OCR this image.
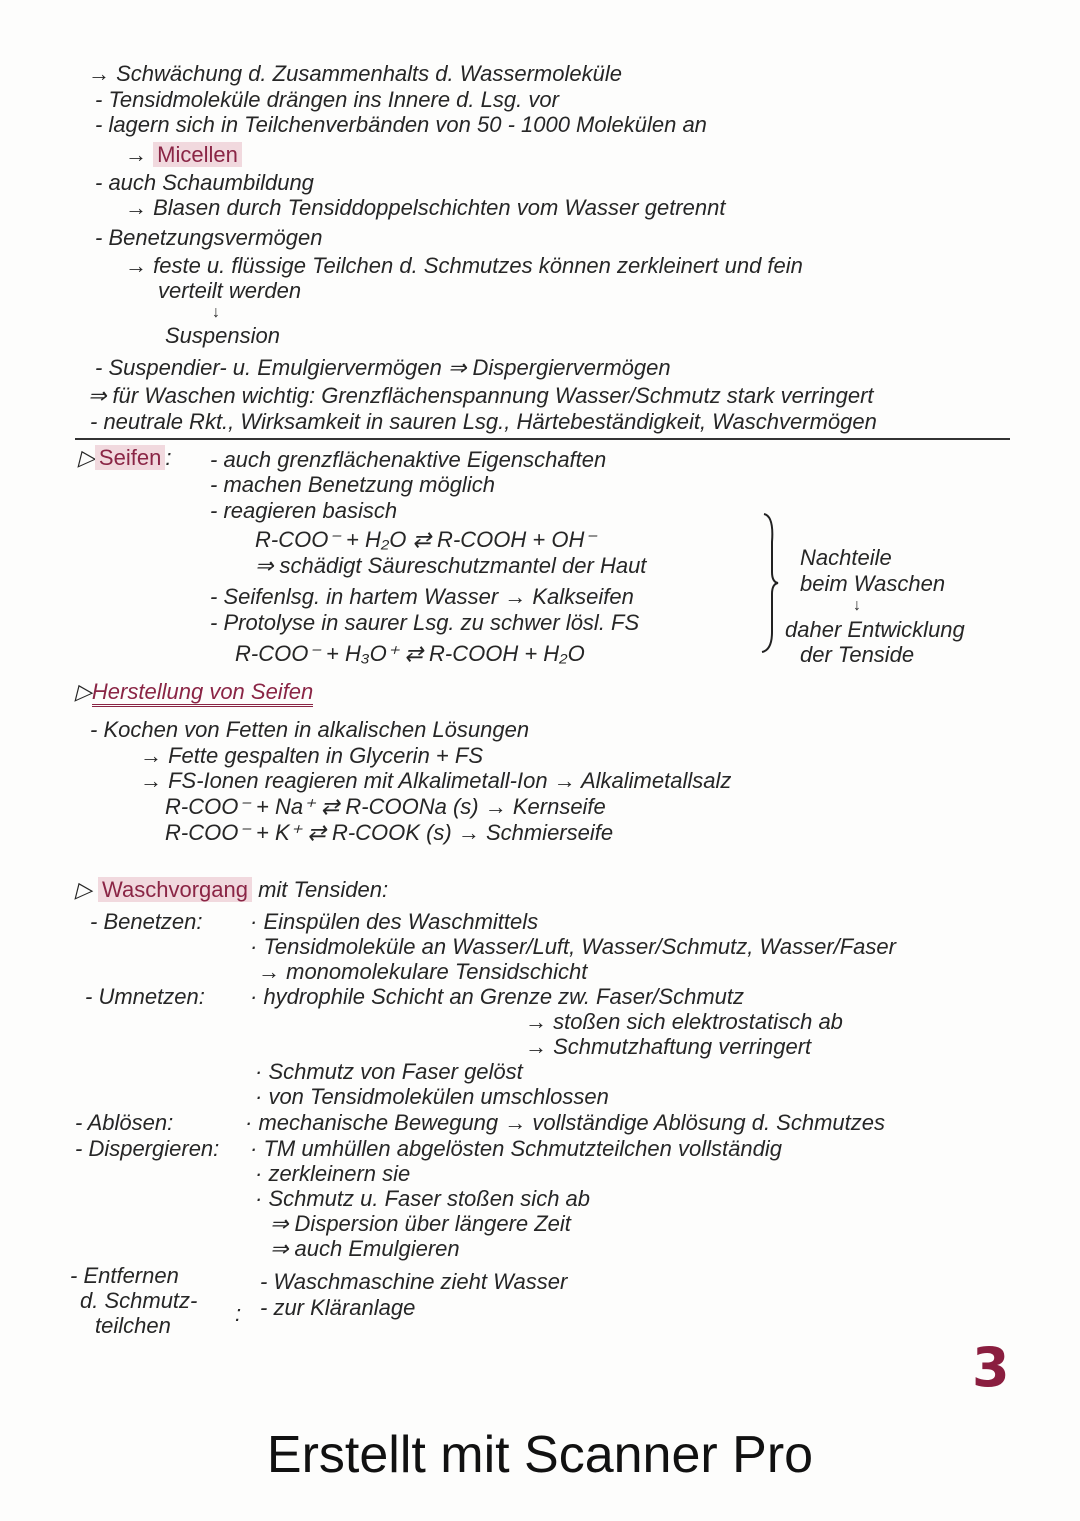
→ Schwächung d. Zusammenhalts d. Wassermoleküle
- Tensidmoleküle drängen ins Innere d. Lsg. vor
- lagern sich in Teilchenverbänden von 50 - 1000 Molekülen an
→ Micellen
- auch Schaumbildung
→ Blasen durch Tensiddoppelschichten vom Wasser getrennt
- Benetzungsvermögen
→ feste u. flüssige Teilchen d. Schmutzes können zerkleinert und fein
verteilt werden
↓
Suspension
- Suspendier- u. Emulgiervermögen ⇒ Dispergiervermögen
⇒ für Waschen wichtig: Grenzflächenspannung Wasser/Schmutz stark verringert
- neutrale Rkt., Wirksamkeit in sauren Lsg., Härtebeständigkeit, Waschvermögen
▷ Seifen : - auch grenzflächenaktive Eigenschaften
- machen Benetzung möglich
- reagieren basisch
R-COO⁻ + H₂O ⇄ R-COOH + OH⁻
⇒ schädigt Säureschutzmantel der Haut
- Seifenlsg. in hartem Wasser → Kalkseifen
- Protolyse in saurer Lsg. zu schwer lösl. FS
R-COO⁻ + H₃O⁺ ⇄ R-COOH + H₂O
Nachteile
beim Waschen
↓
daher Entwicklung
der Tenside
▷Herstellung von Seifen
- Kochen von Fetten in alkalischen Lösungen
→ Fette gespalten in Glycerin + FS
→ FS-Ionen reagieren mit Alkalimetall-Ion → Alkalimetallsalz
R-COO⁻ + Na⁺ ⇄ R-COONa (s) → Kernseife
R-COO⁻ + K⁺ ⇄ R-COOK (s) → Schmierseife
▷ Waschvorgang mit Tensiden:
- Benetzen: · Einspülen des Waschmittels
· Tensidmoleküle an Wasser/Luft, Wasser/Schmutz, Wasser/Faser
→ monomolekulare Tensidschicht
- Umnetzen: · hydrophile Schicht an Grenze zw. Faser/Schmutz
→ stoßen sich elektrostatisch ab
→ Schmutzhaftung verringert
· Schmutz von Faser gelöst
· von Tensidmolekülen umschlossen
- Ablösen:	· mechanische Bewegung → vollständige Ablösung d. Schmutzes
- Dispergieren: · TM umhüllen abgelösten Schmutzteilchen vollständig
· zerkleinern sie
· Schmutz u. Faser stoßen sich ab
⇒ Dispersion über längere Zeit
⇒ auch Emulgieren
- Entfernen
d. Schmutz-
teilchen	:
- Waschmaschine zieht Wasser
- zur Kläranlage
3
Erstellt mit Scanner Pro
